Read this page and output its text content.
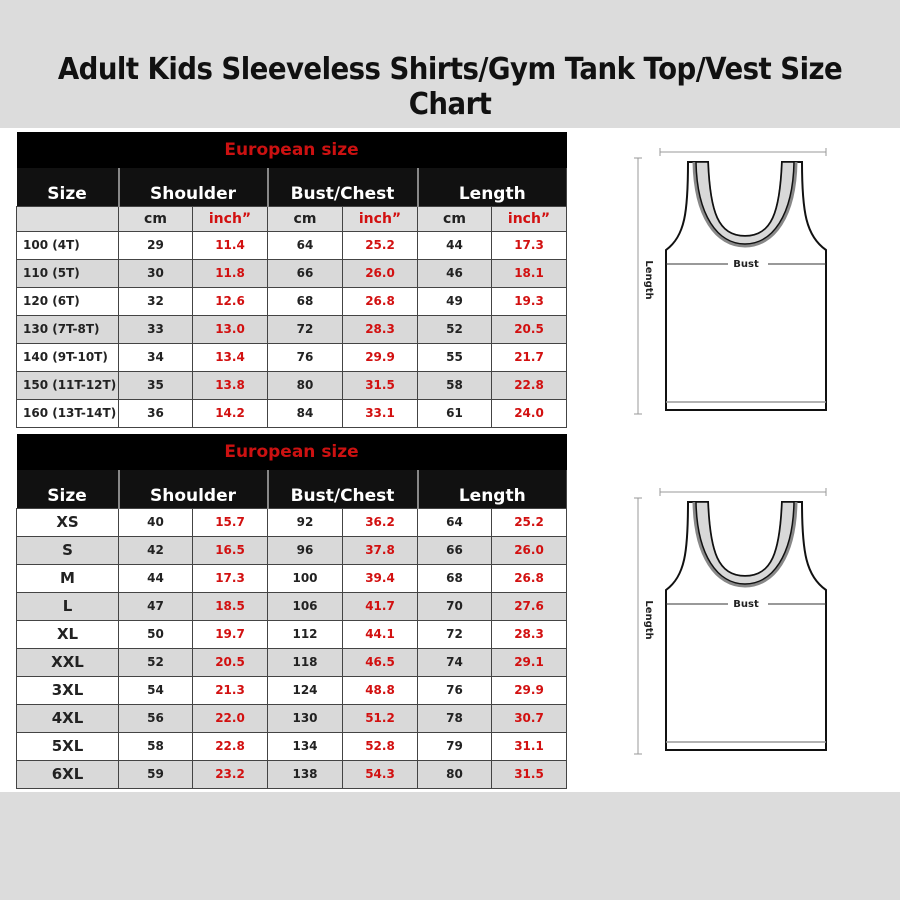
Adult Kids Sleeveless Shirts/Gym Tank Top/Vest Size Chart
European size						
Size	Shoulder		Bust/Chest		Length	
	cm	inch”	cm	inch”	cm	inch”
100 (4T)	29	11.4	64	25.2	44	17.3
110 (5T)	30	11.8	66	26.0	46	18.1
120 (6T)	32	12.6	68	26.8	49	19.3
130 (7T-8T)	33	13.0	72	28.3	52	20.5
140 (9T-10T)	34	13.4	76	29.9	55	21.7
150 (11T-12T)	35	13.8	80	31.5	58	22.8
160 (13T-14T)	36	14.2	84	33.1	61	24.0
European size						
Size	Shoulder		Bust/Chest		Length	
XS	40	15.7	92	36.2	64	25.2
S	42	16.5	96	37.8	66	26.0
M	44	17.3	100	39.4	68	26.8
L	47	18.5	106	41.7	70	27.6
XL	50	19.7	112	44.1	72	28.3
XXL	52	20.5	118	46.5	74	29.1
3XL	54	21.3	124	48.8	76	29.9
4XL	56	22.0	130	51.2	78	30.7
5XL	58	22.8	134	52.8	79	31.1
6XL	59	23.2	138	54.3	80	31.5
Length	Bust
Length	Bust
